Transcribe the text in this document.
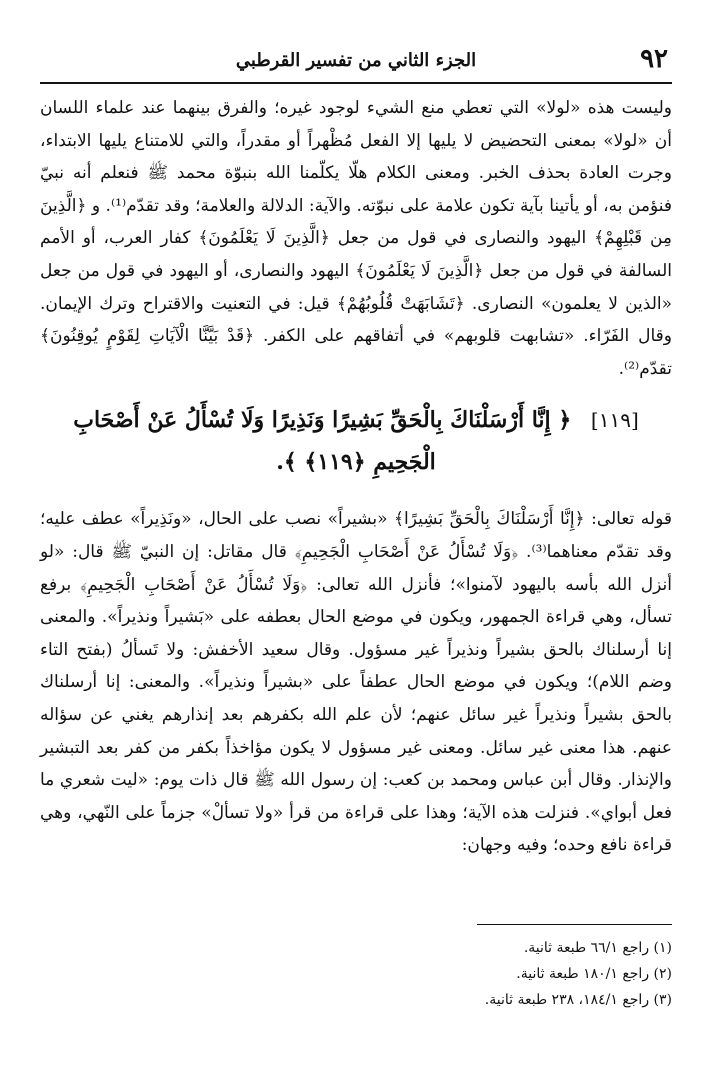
٩٢
الجزء الثاني من تفسير القرطبي

وليست هذه «لولا» التي تعطي منع الشيء لوجود غيره؛ والفرق بينهما عند علماء اللسان أن «لولا» بمعنى التحضيض لا يليها إلا الفعل مُظْهراً أو مقدراً، والتي للامتناع يليها الابتداء، وجرت العادة بحذف الخبر. ومعنى الكلام هلّا يكلّمنا الله بنبوّة محمد ﷺ فنعلم أنه نبيّ فنؤمن به، أو يأتينا بآية تكون علامة على نبوّته. والآية: الدلالة والعلامة؛ وقد تقدّم⁽¹⁾. و ﴿الَّذِينَ مِن قَبْلِهِمْ﴾ اليهود والنصارى في قول من جعل ﴿الَّذِينَ لَا يَعْلَمُونَ﴾ كفار العرب، أو الأمم السالفة في قول من جعل ﴿الَّذِينَ لَا يَعْلَمُونَ﴾ اليهود والنصارى، أو اليهود في قول من جعل «الذين لا يعلمون» النصارى. ﴿تَشَابَهَتْ قُلُوبُهُمْ﴾ قيل: في التعنيت والاقتراح وترك الإيمان. وقال الفَرّاء. «تشابهت قلوبهم» في أتفاقهم على الكفر. ﴿قَدْ بَيَّنَّا الْآيَاتِ لِقَوْمٍ يُوقِنُونَ﴾ تقدّم⁽²⁾.

[١١٩] ﴿ إِنَّا أَرْسَلْنَاكَ بِالْحَقِّ بَشِيرًا وَنَذِيرًا وَلَا تُسْأَلُ عَنْ أَصْحَابِ الْجَحِيمِ ﴿١١٩﴾ ﴾.

قوله تعالى: ﴿إِنَّا أَرْسَلْنَاكَ بِالْحَقِّ بَشِيرًا﴾ «بشيراً» نصب على الحال، «ونَذِيراً» عطف عليه؛ وقد تقدّم معناهما⁽³⁾. ﴿وَلَا تُسْأَلُ عَنْ أَصْحَابِ الْجَحِيمِ﴾ قال مقاتل: إن النبيّ ﷺ قال: «لو أنزل الله بأسه باليهود لآمنوا»؛ فأنزل الله تعالى: ﴿وَلَا تُسْأَلُ عَنْ أَصْحَابِ الْجَحِيمِ﴾ برفع تسأل، وهي قراءة الجمهور، ويكون في موضع الحال بعطفه على «بَشيراً ونذيراً». والمعنى إنا أرسلناك بالحق بشيراً ونذيراً غير مسؤول. وقال سعيد الأخفش: ولا تَسألُ (بفتح التاء وضم اللام)؛ ويكون في موضع الحال عطفاً على «بشيراً ونذيراً». والمعنى: إنا أرسلناك بالحق بشيراً ونذيراً غير سائل عنهم؛ لأن علم الله بكفرهم بعد إنذارهم يغني عن سؤاله عنهم. هذا معنى غير سائل. ومعنى غير مسؤول لا يكون مؤاخذاً بكفر من كفر بعد التبشير والإنذار. وقال أبن عباس ومحمد بن كعب: إن رسول الله ﷺ قال ذات يوم: «ليت شعري ما فعل أبواي». فنزلت هذه الآية؛ وهذا على قراءة من قرأ «ولا تسألْ» جزماً على النّهي، وهي قراءة نافع وحده؛ وفيه وجهان:

(١) راجع ٦٦/١ طبعة ثانية.
(٢) راجع ١٨٠/١ طبعة ثانية.
(٣) راجع ١٨٤/١، ٢٣٨ طبعة ثانية.
